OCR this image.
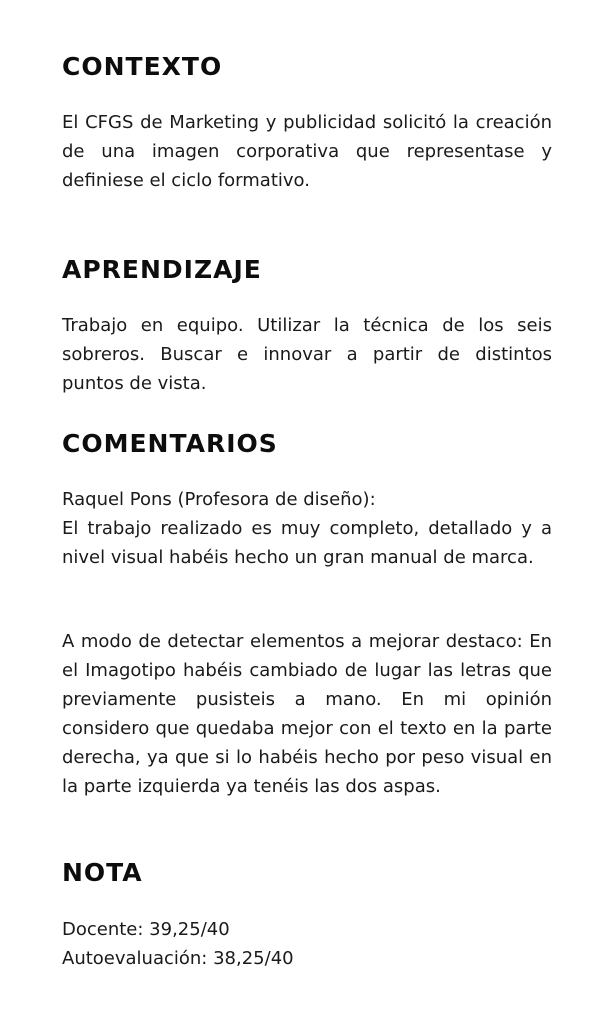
CONTEXTO

El CFGS de Marketing y publicidad solicitó la creación de una imagen corporativa que representase y definiese el ciclo formativo.

APRENDIZAJE

Trabajo en equipo. Utilizar la técnica de los seis sobreros. Buscar e innovar a partir de distintos puntos de vista.

COMENTARIOS

Raquel Pons (Profesora de diseño):

El trabajo realizado es muy completo, detallado y a nivel visual habéis hecho un gran manual de marca.

A modo de detectar elementos a mejorar destaco: En el Imagotipo habéis cambiado de lugar las letras que previamente pusisteis a mano. En mi opinión considero que quedaba mejor con el texto en la parte derecha, ya que si lo habéis hecho por peso visual en la parte izquierda ya tenéis las dos aspas.

NOTA

Docente: 39,25/40

Autoevaluación: 38,25/40
